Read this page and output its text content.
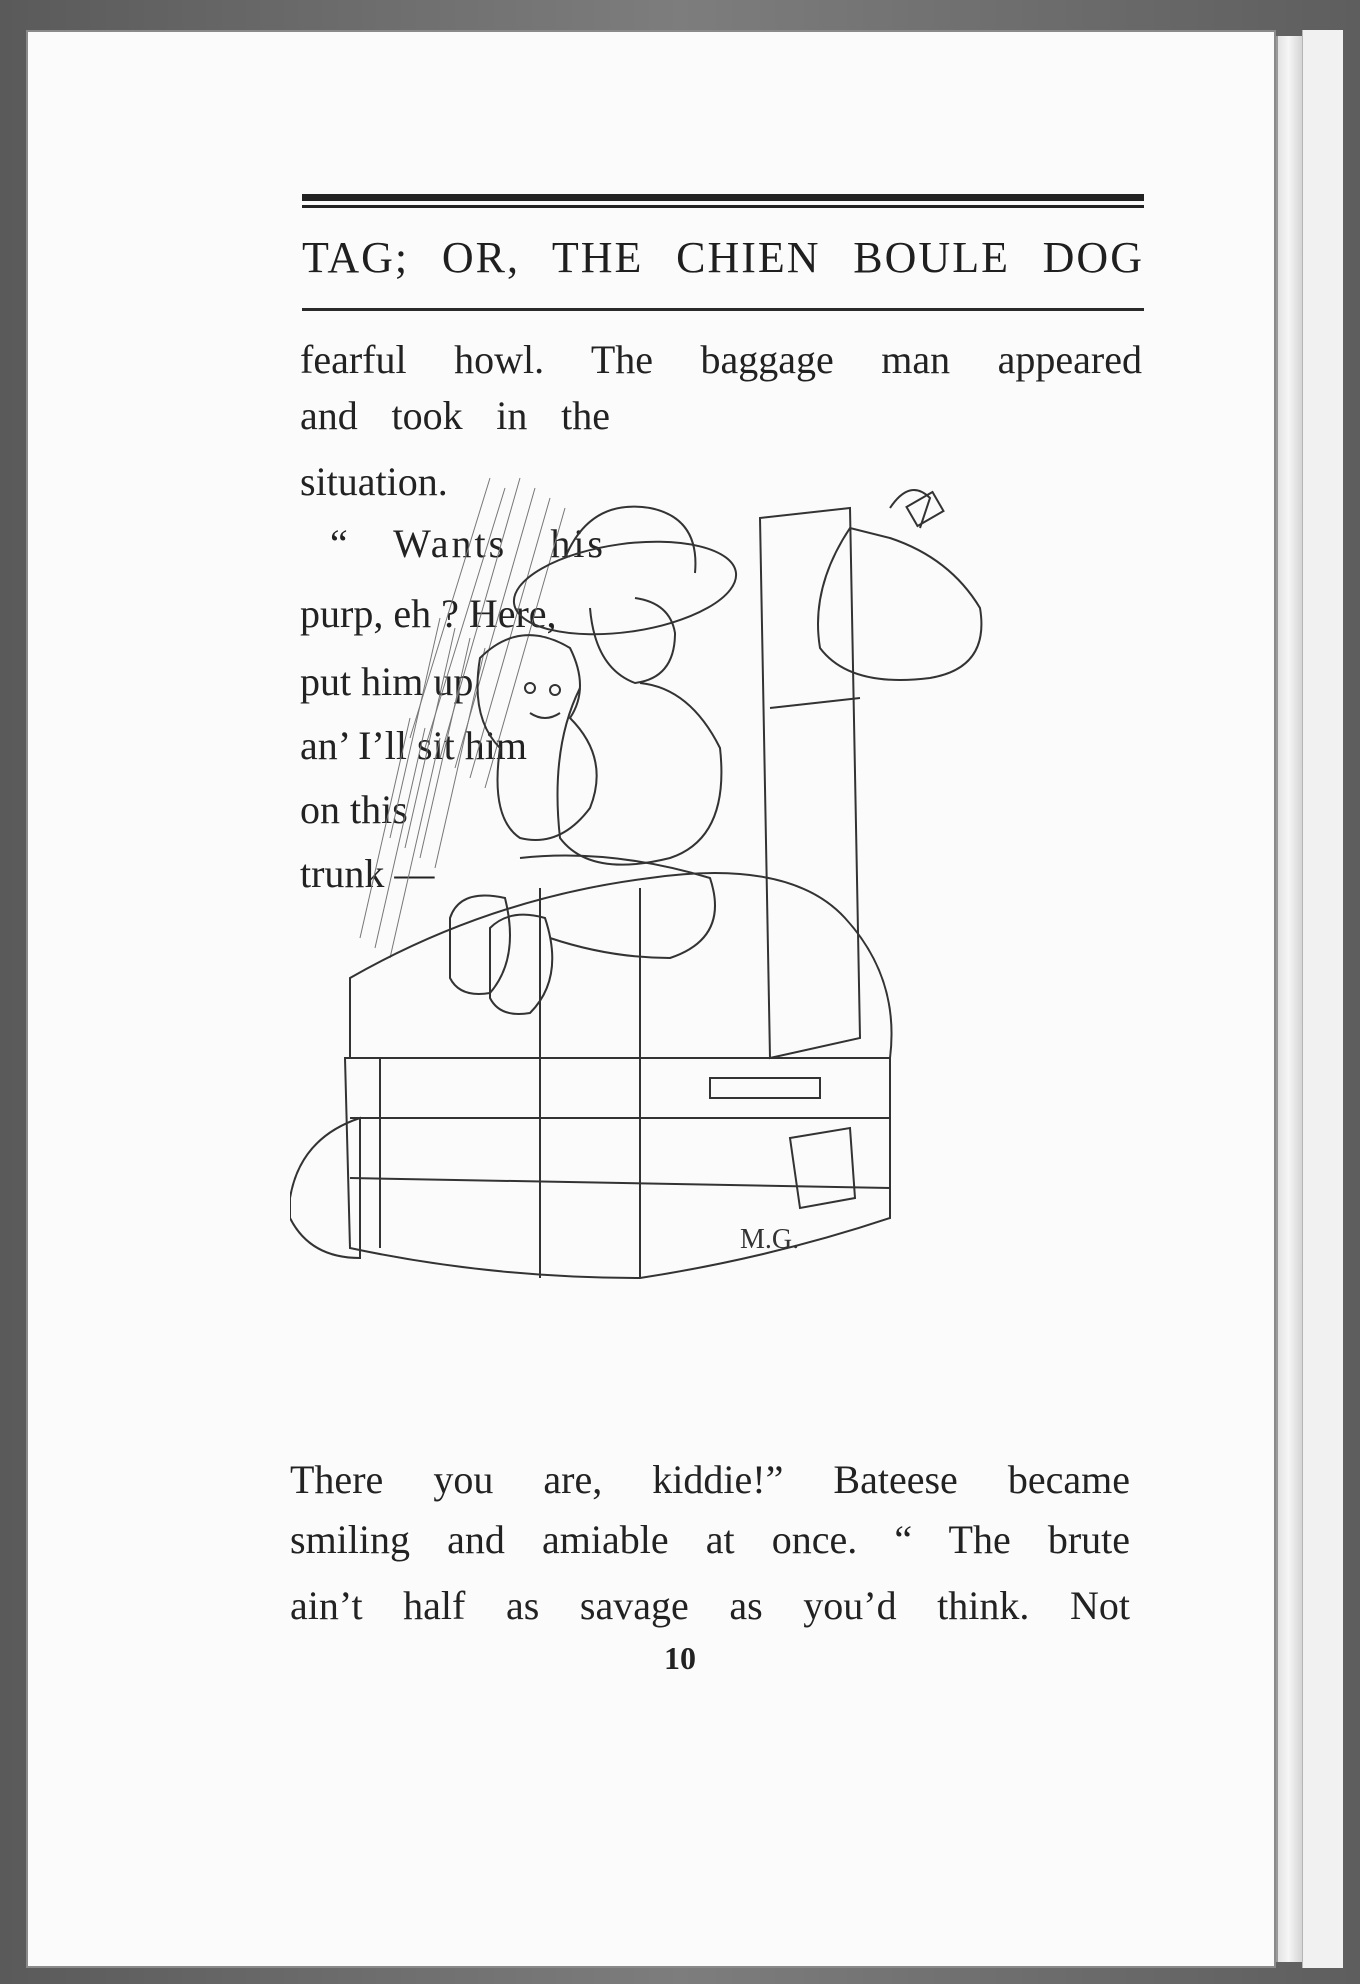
TAG; OR, THE CHIEN BOULE DOG
fearful howl. The baggage man appeared
and took in the
situation.
“ Wants his
purp, eh ? Here,
put him up
an’ I’ll sit him
on this
trunk —
M.G.
There you are, kiddie!” Bateese became
smiling and amiable at once. “ The brute
ain’t half as savage as you’d think. Not
10
